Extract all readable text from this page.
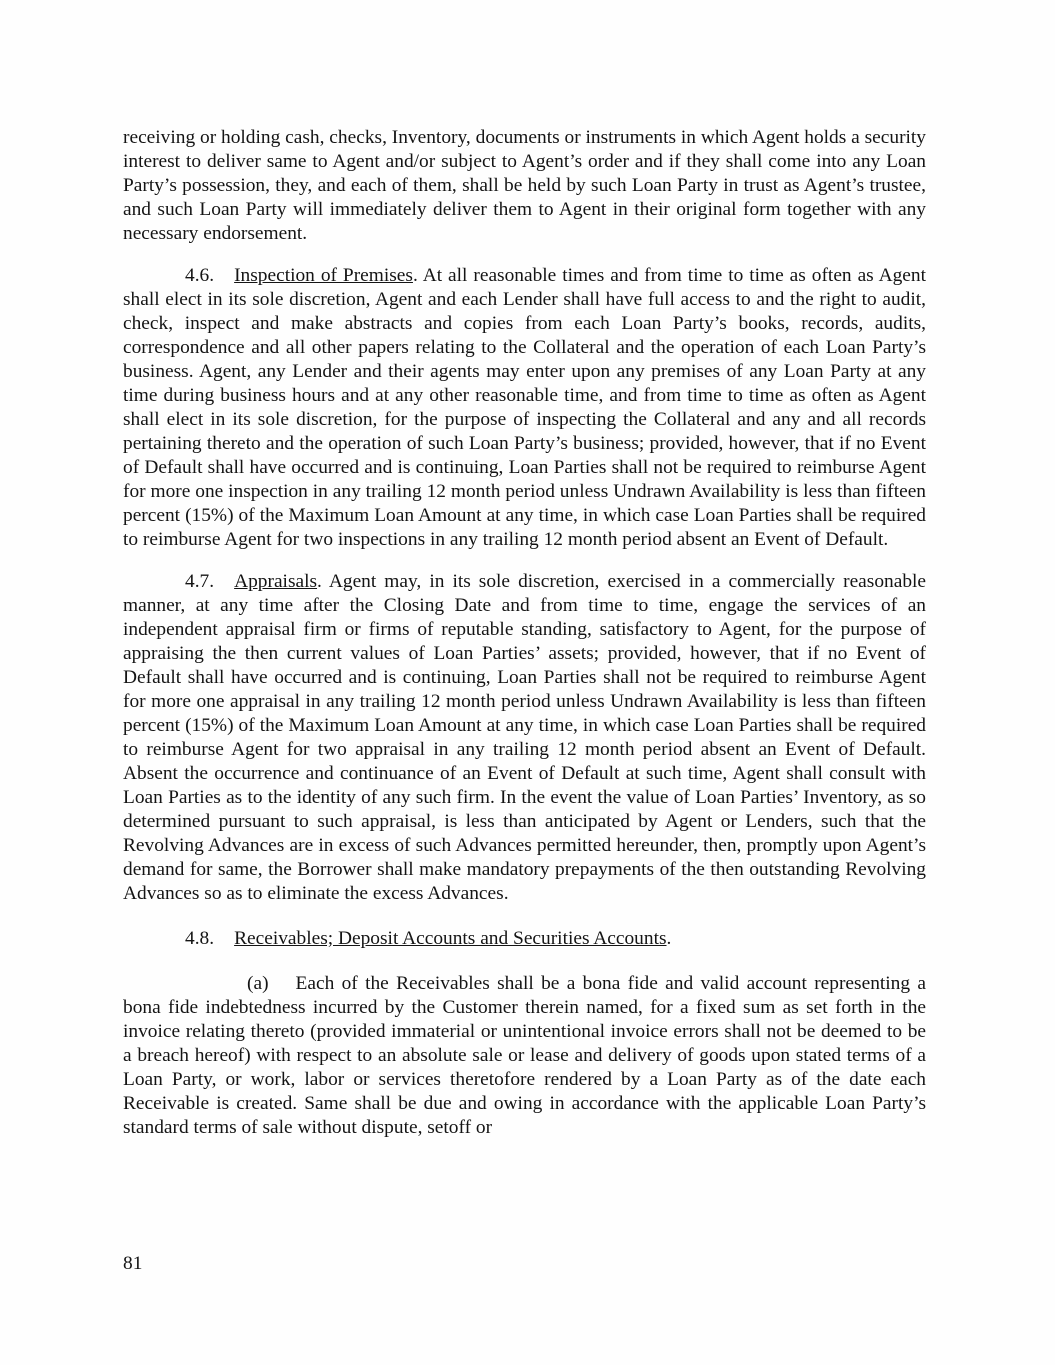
receiving or holding cash, checks, Inventory, documents or instruments in which Agent holds a security interest to deliver same to Agent and/or subject to Agent’s order and if they shall come into any Loan Party’s possession, they, and each of them, shall be held by such Loan Party in trust as Agent’s trustee, and such Loan Party will immediately deliver them to Agent in their original form together with any necessary endorsement.

4.6. Inspection of Premises. At all reasonable times and from time to time as often as Agent shall elect in its sole discretion, Agent and each Lender shall have full access to and the right to audit, check, inspect and make abstracts and copies from each Loan Party’s books, records, audits, correspondence and all other papers relating to the Collateral and the operation of each Loan Party’s business. Agent, any Lender and their agents may enter upon any premises of any Loan Party at any time during business hours and at any other reasonable time, and from time to time as often as Agent shall elect in its sole discretion, for the purpose of inspecting the Collateral and any and all records pertaining thereto and the operation of such Loan Party’s business; provided, however, that if no Event of Default shall have occurred and is continuing, Loan Parties shall not be required to reimburse Agent for more one inspection in any trailing 12 month period unless Undrawn Availability is less than fifteen percent (15%) of the Maximum Loan Amount at any time, in which case Loan Parties shall be required to reimburse Agent for two inspections in any trailing 12 month period absent an Event of Default.

4.7. Appraisals. Agent may, in its sole discretion, exercised in a commercially reasonable manner, at any time after the Closing Date and from time to time, engage the services of an independent appraisal firm or firms of reputable standing, satisfactory to Agent, for the purpose of appraising the then current values of Loan Parties’ assets; provided, however, that if no Event of Default shall have occurred and is continuing, Loan Parties shall not be required to reimburse Agent for more one appraisal in any trailing 12 month period unless Undrawn Availability is less than fifteen percent (15%) of the Maximum Loan Amount at any time, in which case Loan Parties shall be required to reimburse Agent for two appraisal in any trailing 12 month period absent an Event of Default. Absent the occurrence and continuance of an Event of Default at such time, Agent shall consult with Loan Parties as to the identity of any such firm. In the event the value of Loan Parties’ Inventory, as so determined pursuant to such appraisal, is less than anticipated by Agent or Lenders, such that the Revolving Advances are in excess of such Advances permitted hereunder, then, promptly upon Agent’s demand for same, the Borrower shall make mandatory prepayments of the then outstanding Revolving Advances so as to eliminate the excess Advances.

4.8. Receivables; Deposit Accounts and Securities Accounts.

(a) Each of the Receivables shall be a bona fide and valid account representing a bona fide indebtedness incurred by the Customer therein named, for a fixed sum as set forth in the invoice relating thereto (provided immaterial or unintentional invoice errors shall not be deemed to be a breach hereof) with respect to an absolute sale or lease and delivery of goods upon stated terms of a Loan Party, or work, labor or services theretofore rendered by a Loan Party as of the date each Receivable is created. Same shall be due and owing in accordance with the applicable Loan Party’s standard terms of sale without dispute, setoff or

81
